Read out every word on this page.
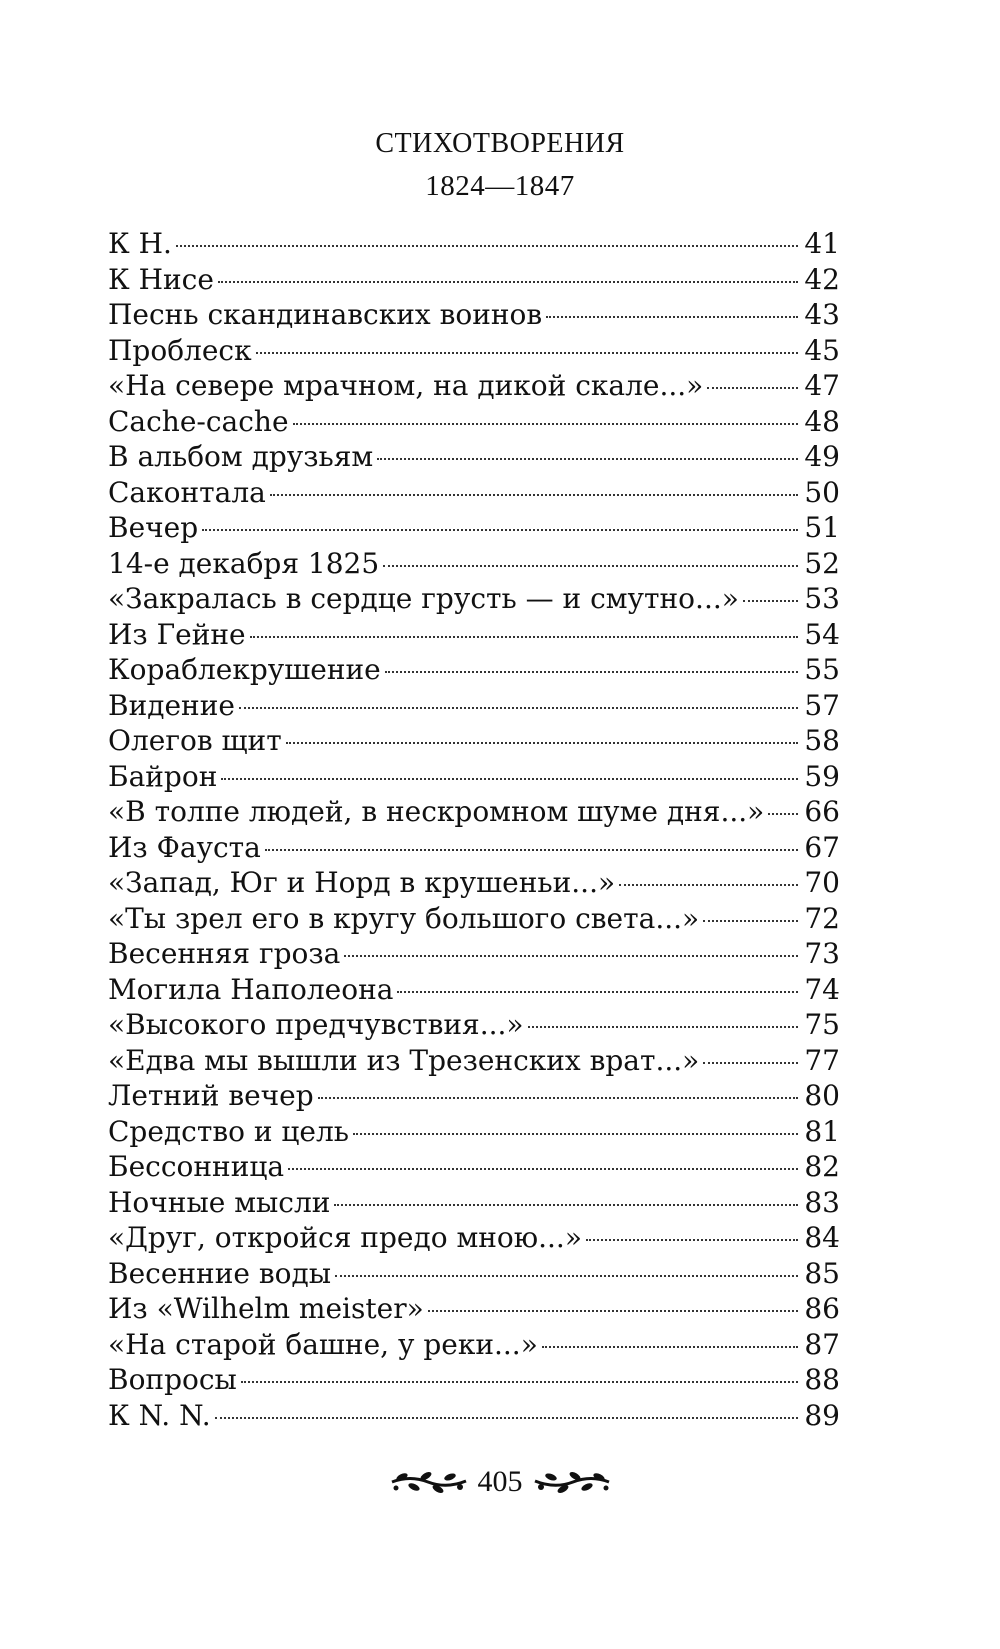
СТИХОТВОРЕНИЯ
1824—1847
К Н.	41
К Нисе	42
Песнь скандинавских воинов	43
Проблеск	45
«На севере мрачном, на дикой скале...»	47
Cache-cache	48
В альбом друзьям	49
Саконтала	50
Вечер	51
14-е декабря 1825	52
«Закралась в сердце грусть — и смутно...» 53
Из Гейне	54
Кораблекрушение	55
Видение	57
Олегов щит	58
Байрон	59
«В толпе людей, в нескромном шуме дня...» 66
Из Фауста	67
«Запад, Юг и Норд в крушеньи...»	70
«Ты зрел его в кругу большого света...»	72
Весенняя гроза	73
Могила Наполеона	74
«Высокого предчувствия...»	75
«Едва мы вышли из Трезенских врат...»	77
Летний вечер	80
Средство и цель	81
Бессонница	82
Ночные мысли	83
«Друг, откройся предо мною...»	84
Весенние воды	85
Из «Wilhelm meister»	86
«На старой башне, у реки...»	87
Вопросы	88
К N. N.	89
405
